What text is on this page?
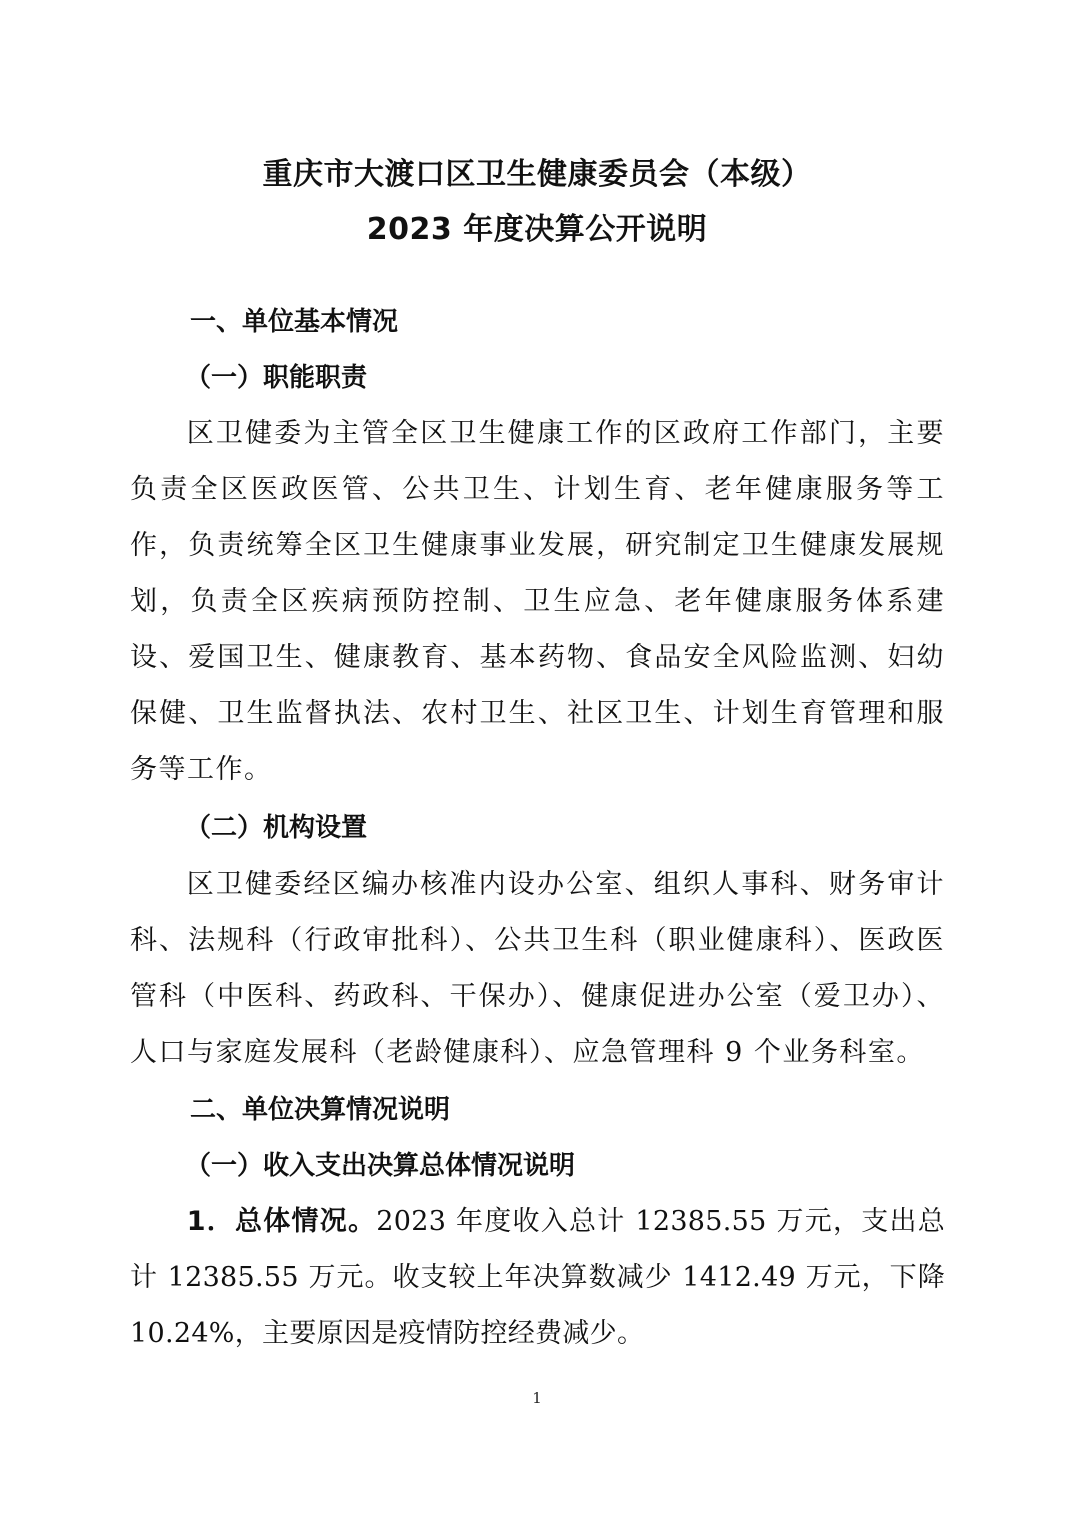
重庆市大渡口区卫生健康委员会（本级）
2023 年度决算公开说明
一、单位基本情况
（一）职能职责
区卫健委为主管全区卫生健康工作的区政府工作部门，主要负责全区医政医管、公共卫生、计划生育、老年健康服务等工作，负责统筹全区卫生健康事业发展，研究制定卫生健康发展规划，负责全区疾病预防控制、卫生应急、老年健康服务体系建设、爱国卫生、健康教育、基本药物、食品安全风险监测、妇幼保健、卫生监督执法、农村卫生、社区卫生、计划生育管理和服务等工作。
（二）机构设置
区卫健委经区编办核准内设办公室、组织人事科、财务审计科、法规科（行政审批科）、公共卫生科（职业健康科）、医政医管科（中医科、药政科、干保办）、健康促进办公室（爱卫办）、人口与家庭发展科（老龄健康科）、应急管理科 9 个业务科室。
二、单位决算情况说明
（一）收入支出决算总体情况说明
1．总体情况。2023 年度收入总计 12385.55 万元，支出总计 12385.55 万元。收支较上年决算数减少 1412.49 万元，下降 10.24%，主要原因是疫情防控经费减少。
1
